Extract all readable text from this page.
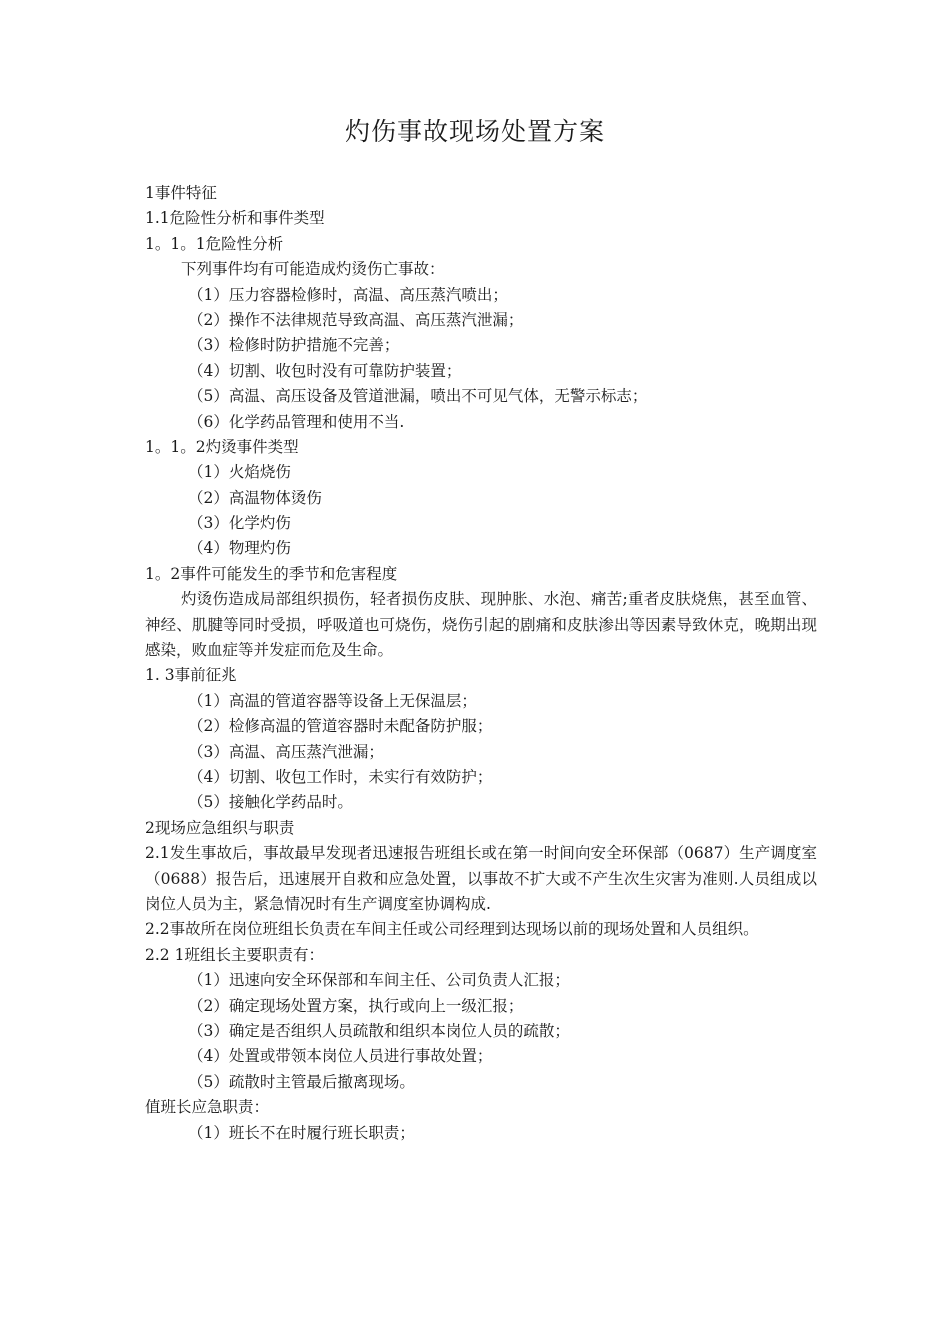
灼伤事故现场处置方案
1事件特征
1.1危险性分析和事件类型
1。1。1危险性分析
下列事件均有可能造成灼烫伤亡事故：
（1）压力容器检修时，高温、高压蒸汽喷出；
（2）操作不法律规范导致高温、高压蒸汽泄漏；
（3）检修时防护措施不完善；
（4）切割、收包时没有可靠防护装置；
（5）高温、高压设备及管道泄漏，喷出不可见气体，无警示标志；
（6）化学药品管理和使用不当.
1。1。2灼烫事件类型
（1）火焰烧伤
（2）高温物体烫伤
（3）化学灼伤
（4）物理灼伤
1。2事件可能发生的季节和危害程度
灼烫伤造成局部组织损伤，轻者损伤皮肤、现肿胀、水泡、痛苦;重者皮肤烧焦，甚至血管、神经、肌腱等同时受损，呼吸道也可烧伤，烧伤引起的剧痛和皮肤渗出等因素导致休克，晚期出现感染，败血症等并发症而危及生命。
1. 3事前征兆
（1）高温的管道容器等设备上无保温层；
（2）检修高温的管道容器时未配备防护服；
（3）高温、高压蒸汽泄漏；
（4）切割、收包工作时，未实行有效防护；
（5）接触化学药品时。
2现场应急组织与职责
2.1发生事故后，事故最早发现者迅速报告班组长或在第一时间向安全环保部（0687）生产调度室（0688）报告后，迅速展开自救和应急处置，以事故不扩大或不产生次生灾害为准则.人员组成以岗位人员为主，紧急情况时有生产调度室协调构成.
2.2事故所在岗位班组长负责在车间主任或公司经理到达现场以前的现场处置和人员组织。
2.2 1班组长主要职责有：
（1）迅速向安全环保部和车间主任、公司负责人汇报；
（2）确定现场处置方案，执行或向上一级汇报；
（3）确定是否组织人员疏散和组织本岗位人员的疏散；
（4）处置或带领本岗位人员进行事故处置；
（5）疏散时主管最后撤离现场。
值班长应急职责：
（1）班长不在时履行班长职责；
